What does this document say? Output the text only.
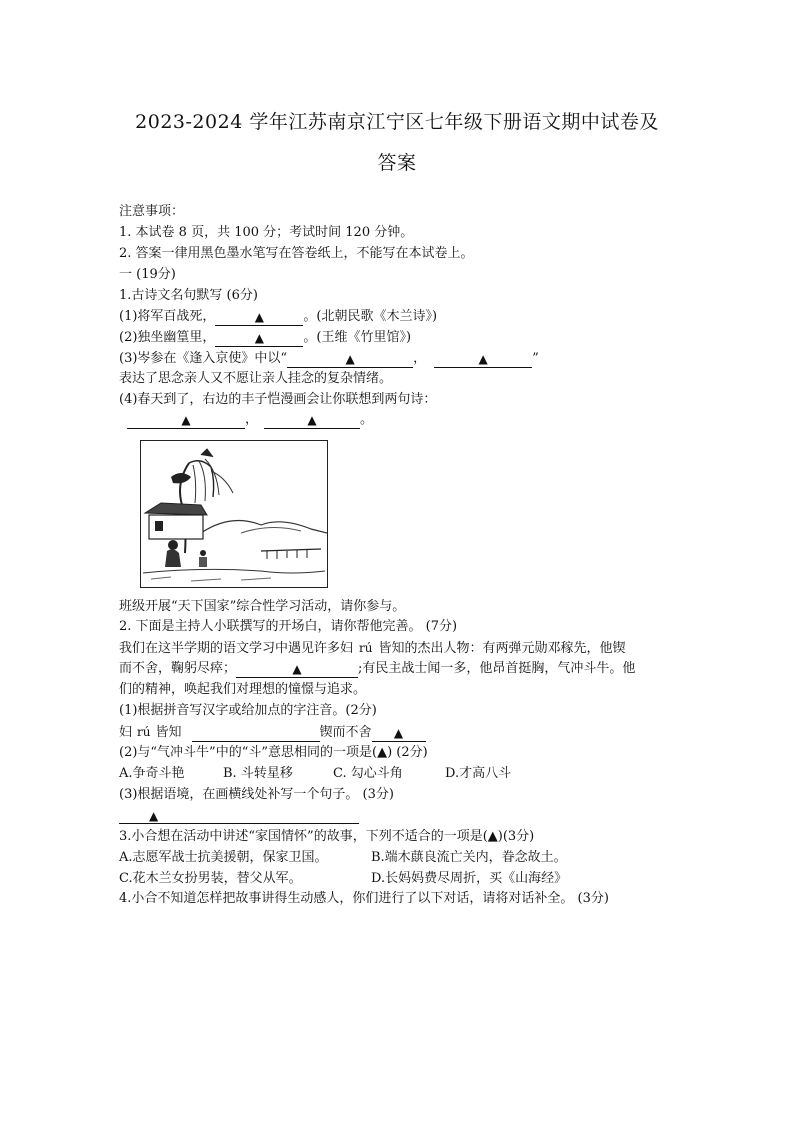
2023-2024 学年江苏南京江宁区七年级下册语文期中试卷及
答案
注意事项：
1. 本试卷 8 页，共 100 分；考试时间 120 分钟。
2. 答案一律用黑色墨水笔写在答卷纸上，不能写在本试卷上。
一 (19分)
1.古诗文名句默写 (6分)
(1)将军百战死，	▲	。(北朝民歌《木兰诗》)
(2)独坐幽篁里，	▲	。(王维《竹里馆》)
(3)岑参在《逢入京使》中以“	▲	，	▲	”
表达了思念亲人又不愿让亲人挂念的复杂情绪。
(4)春天到了，右边的丰子恺漫画会让你联想到两句诗：
▲	，	▲	。
班级开展“天下国家”综合性学习活动，请你参与。
2. 下面是主持人小联撰写的开场白，请你帮他完善。 (7分)
我们在这半学期的语文学习中遇见许多妇 rú 皆知的杰出人物：有两弹元勋邓稼先，他锲
而不舍，鞠躬尽瘁；	▲	;有民主战士闻一多，他昂首挺胸，气冲斗牛。他
们的精神，唤起我们对理想的憧憬与追求。
(1)根据拼音写汉字或给加点的字注音。(2分)
妇 rú 皆知	锲而不舍 ▲
(2)与“气冲斗牛”中的“斗”意思相同的一项是(▲) (2分)
A.争奇斗艳	B. 斗转星移	C. 勾心斗角	D.才高八斗
(3)根据语境，在画横线处补写一个句子。 (3分)
▲
3.小合想在活动中讲述“家国情怀”的故事，下列不适合的一项是(▲)(3分)
A.志愿军战士抗美援朝，保家卫国。	B.端木蕻良流亡关内，眷念故土。
C.花木兰女扮男装，替父从军。	D.长妈妈费尽周折，买《山海经》
4.小合不知道怎样把故事讲得生动感人，你们进行了以下对话，请将对话补全。 (3分)
